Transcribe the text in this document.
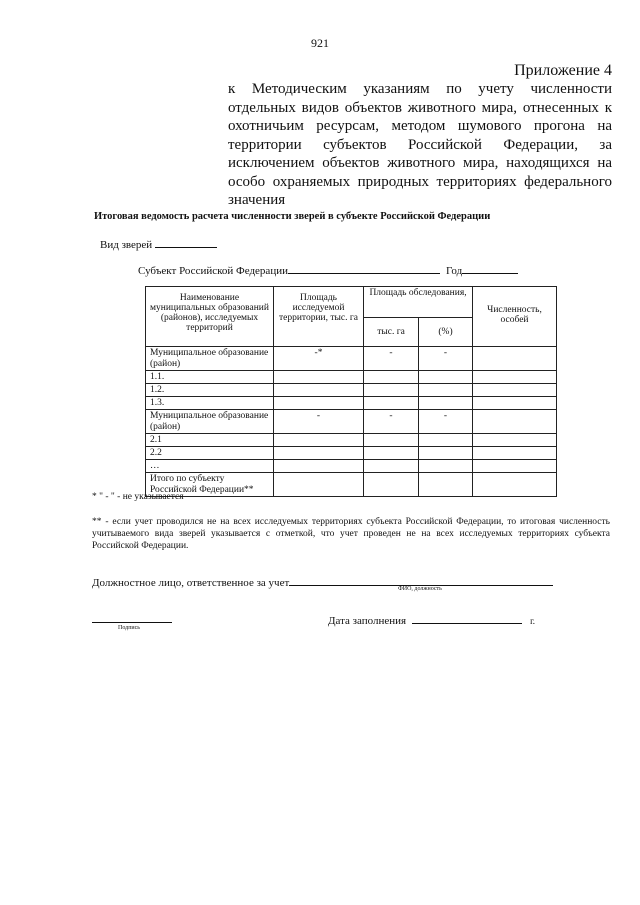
921
Приложение 4
к Методическим указаниям по учету численности
отдельных видов объектов животного мира, отнесенных к
охотничьим ресурсам, методом шумового прогона на
территории субъектов Российской Федерации, за
исключением объектов животного мира, находящихся на
особо охраняемых природных территориях федерального
значения
Итоговая ведомость расчета численности зверей в субъекте Российской Федерации
Вид зверей
Субъект Российской Федерации	Год
Наименование муниципальных образований (районов), исследуемых территорий	Площадь исследуемой территории, тыс. га	Площадь обследования,		Численность, особей
		тыс. га	(%)	
Муниципальное образование (район)	-*	-	-	
1.1.				
1.2.				
1.3.				
Муниципальное образование (район)	-	-	-	
2.1				
2.2				
…				
Итого по субъекту Российской Федерации**				
* " - " - не указывается
** - если учет проводился не на всех исследуемых территориях субъекта Российской Федерации, то итоговая численность учитываемого вида зверей указывается с отметкой, что учет проведен не на всех исследуемых территориях субъекта Российской Федерации.
Должностное лицо, ответственное за учет	ФИО, должность
Подпись
Дата заполнения	г.
